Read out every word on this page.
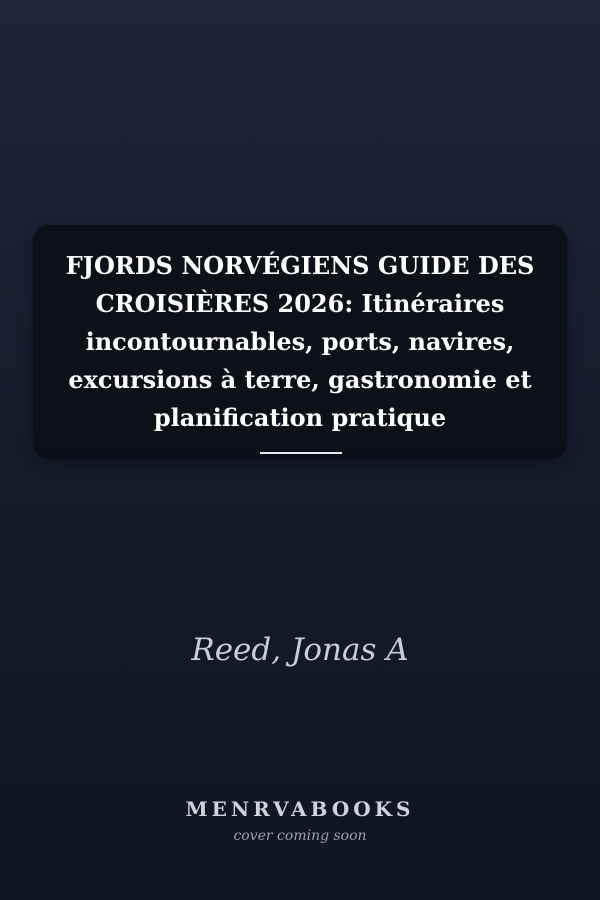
FJORDS NORVÉGIENS GUIDE DES CROISIÈRES 2026: Itinéraires incontournables, ports, navires, excursions à terre, gastronomie et planification pratique

Reed, Jonas A
MENRVABOOKS
cover coming soon
